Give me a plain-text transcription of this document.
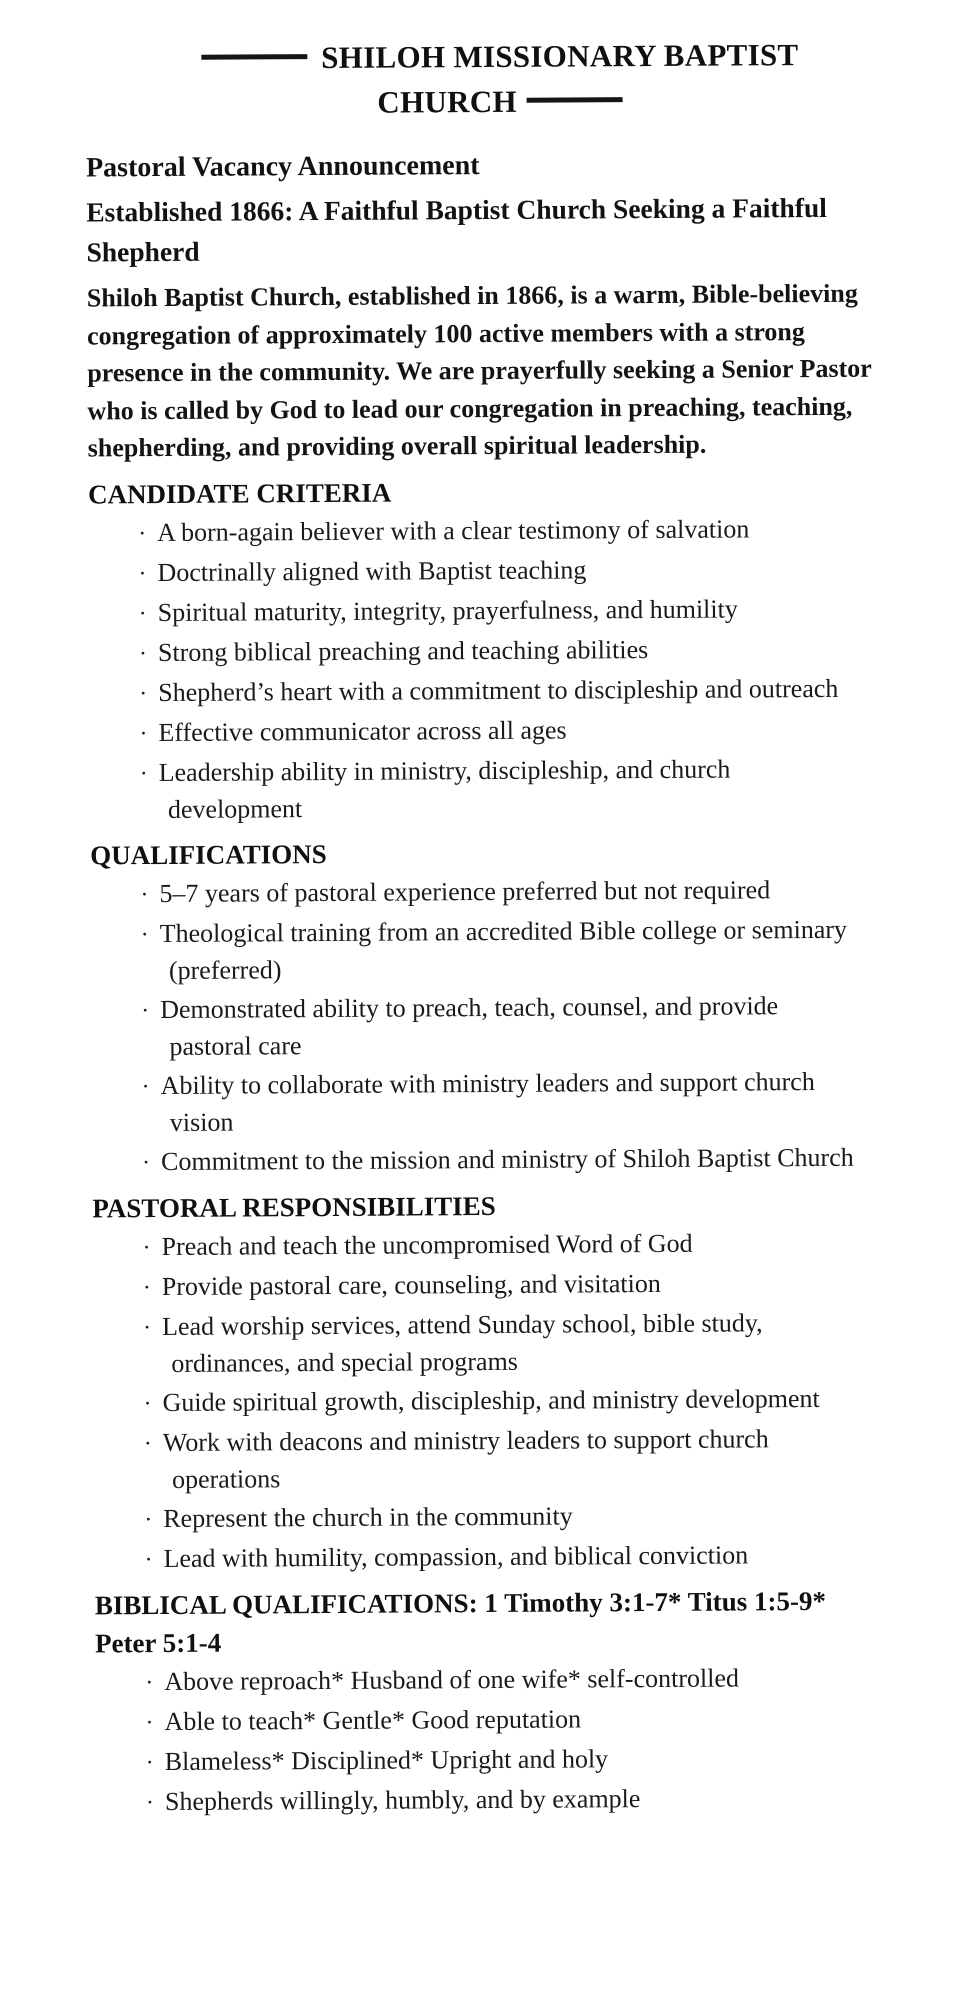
SHILOH MISSIONARY BAPTIST
CHURCH
Pastoral Vacancy Announcement
Established 1866: A Faithful Baptist Church Seeking a Faithful Shepherd

Shiloh Baptist Church, established in 1866, is a warm, Bible-believing congregation of approximately 100 active members with a strong presence in the community. We are prayerfully seeking a Senior Pastor who is called by God to lead our congregation in preaching, teaching, shepherding, and providing overall spiritual leadership.

CANDIDATE CRITERIA
· A born-again believer with a clear testimony of salvation
· Doctrinally aligned with Baptist teaching
· Spiritual maturity, integrity, prayerfulness, and humility
· Strong biblical preaching and teaching abilities
· Shepherd’s heart with a commitment to discipleship and outreach
· Effective communicator across all ages
· Leadership ability in ministry, discipleship, and church development
QUALIFICATIONS
· 5–7 years of pastoral experience preferred but not required
· Theological training from an accredited Bible college or seminary (preferred)
· Demonstrated ability to preach, teach, counsel, and provide pastoral care
· Ability to collaborate with ministry leaders and support church vision
· Commitment to the mission and ministry of Shiloh Baptist Church
PASTORAL RESPONSIBILITIES
· Preach and teach the uncompromised Word of God
· Provide pastoral care, counseling, and visitation
· Lead worship services, attend Sunday school, bible study, ordinances, and special programs
· Guide spiritual growth, discipleship, and ministry development
· Work with deacons and ministry leaders to support church operations
· Represent the church in the community
· Lead with humility, compassion, and biblical conviction
BIBLICAL QUALIFICATIONS: 1 Timothy 3:1-7* Titus 1:5-9* Peter 5:1-4
· Above reproach* Husband of one wife* self-controlled
· Able to teach* Gentle* Good reputation
· Blameless* Disciplined* Upright and holy
· Shepherds willingly, humbly, and by example
